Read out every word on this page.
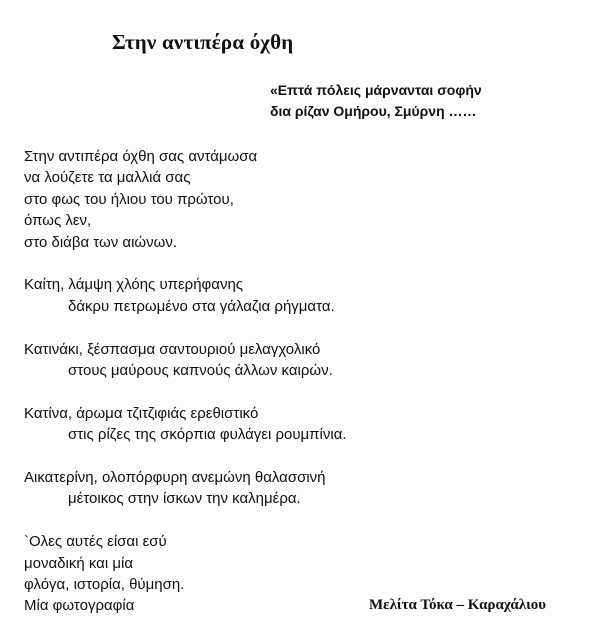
Στην αντιπέρα όχθη
«Επτά πόλεις μάρνανται σοφήν
δια ρίζαν Ομήρου, Σμύρνη ……
Στην αντιπέρα όχθη σας αντάμωσα
να λούζετε τα μαλλιά σας
στο φως του ήλιου του πρώτου,
όπως λεν,
στο διάβα των αιώνων.
Καίτη, λάμψη χλόης υπερήφανης
δάκρυ πετρωμένο στα γάλαζια ρήγματα.
Κατινάκι, ξέσπασμα σαντουριού μελαγχολικό
στους μαύρους καπνούς άλλων καιρών.
Κατίνα, άρωμα τζιτζιφιάς ερεθιστικό
στις ρίζες της σκόρπια φυλάγει ρουμπίνια.
Αικατερίνη, ολοπόρφυρη ανεμώνη θαλασσινή
μέτοικος στην ίσκων την καλημέρα.
`Ολες αυτές είσαι εσύ
μοναδική και μία
φλόγα, ιστορία, θύμηση.
Μία φωτογραφία	Μελίτα Τόκα – Καραχάλιου
